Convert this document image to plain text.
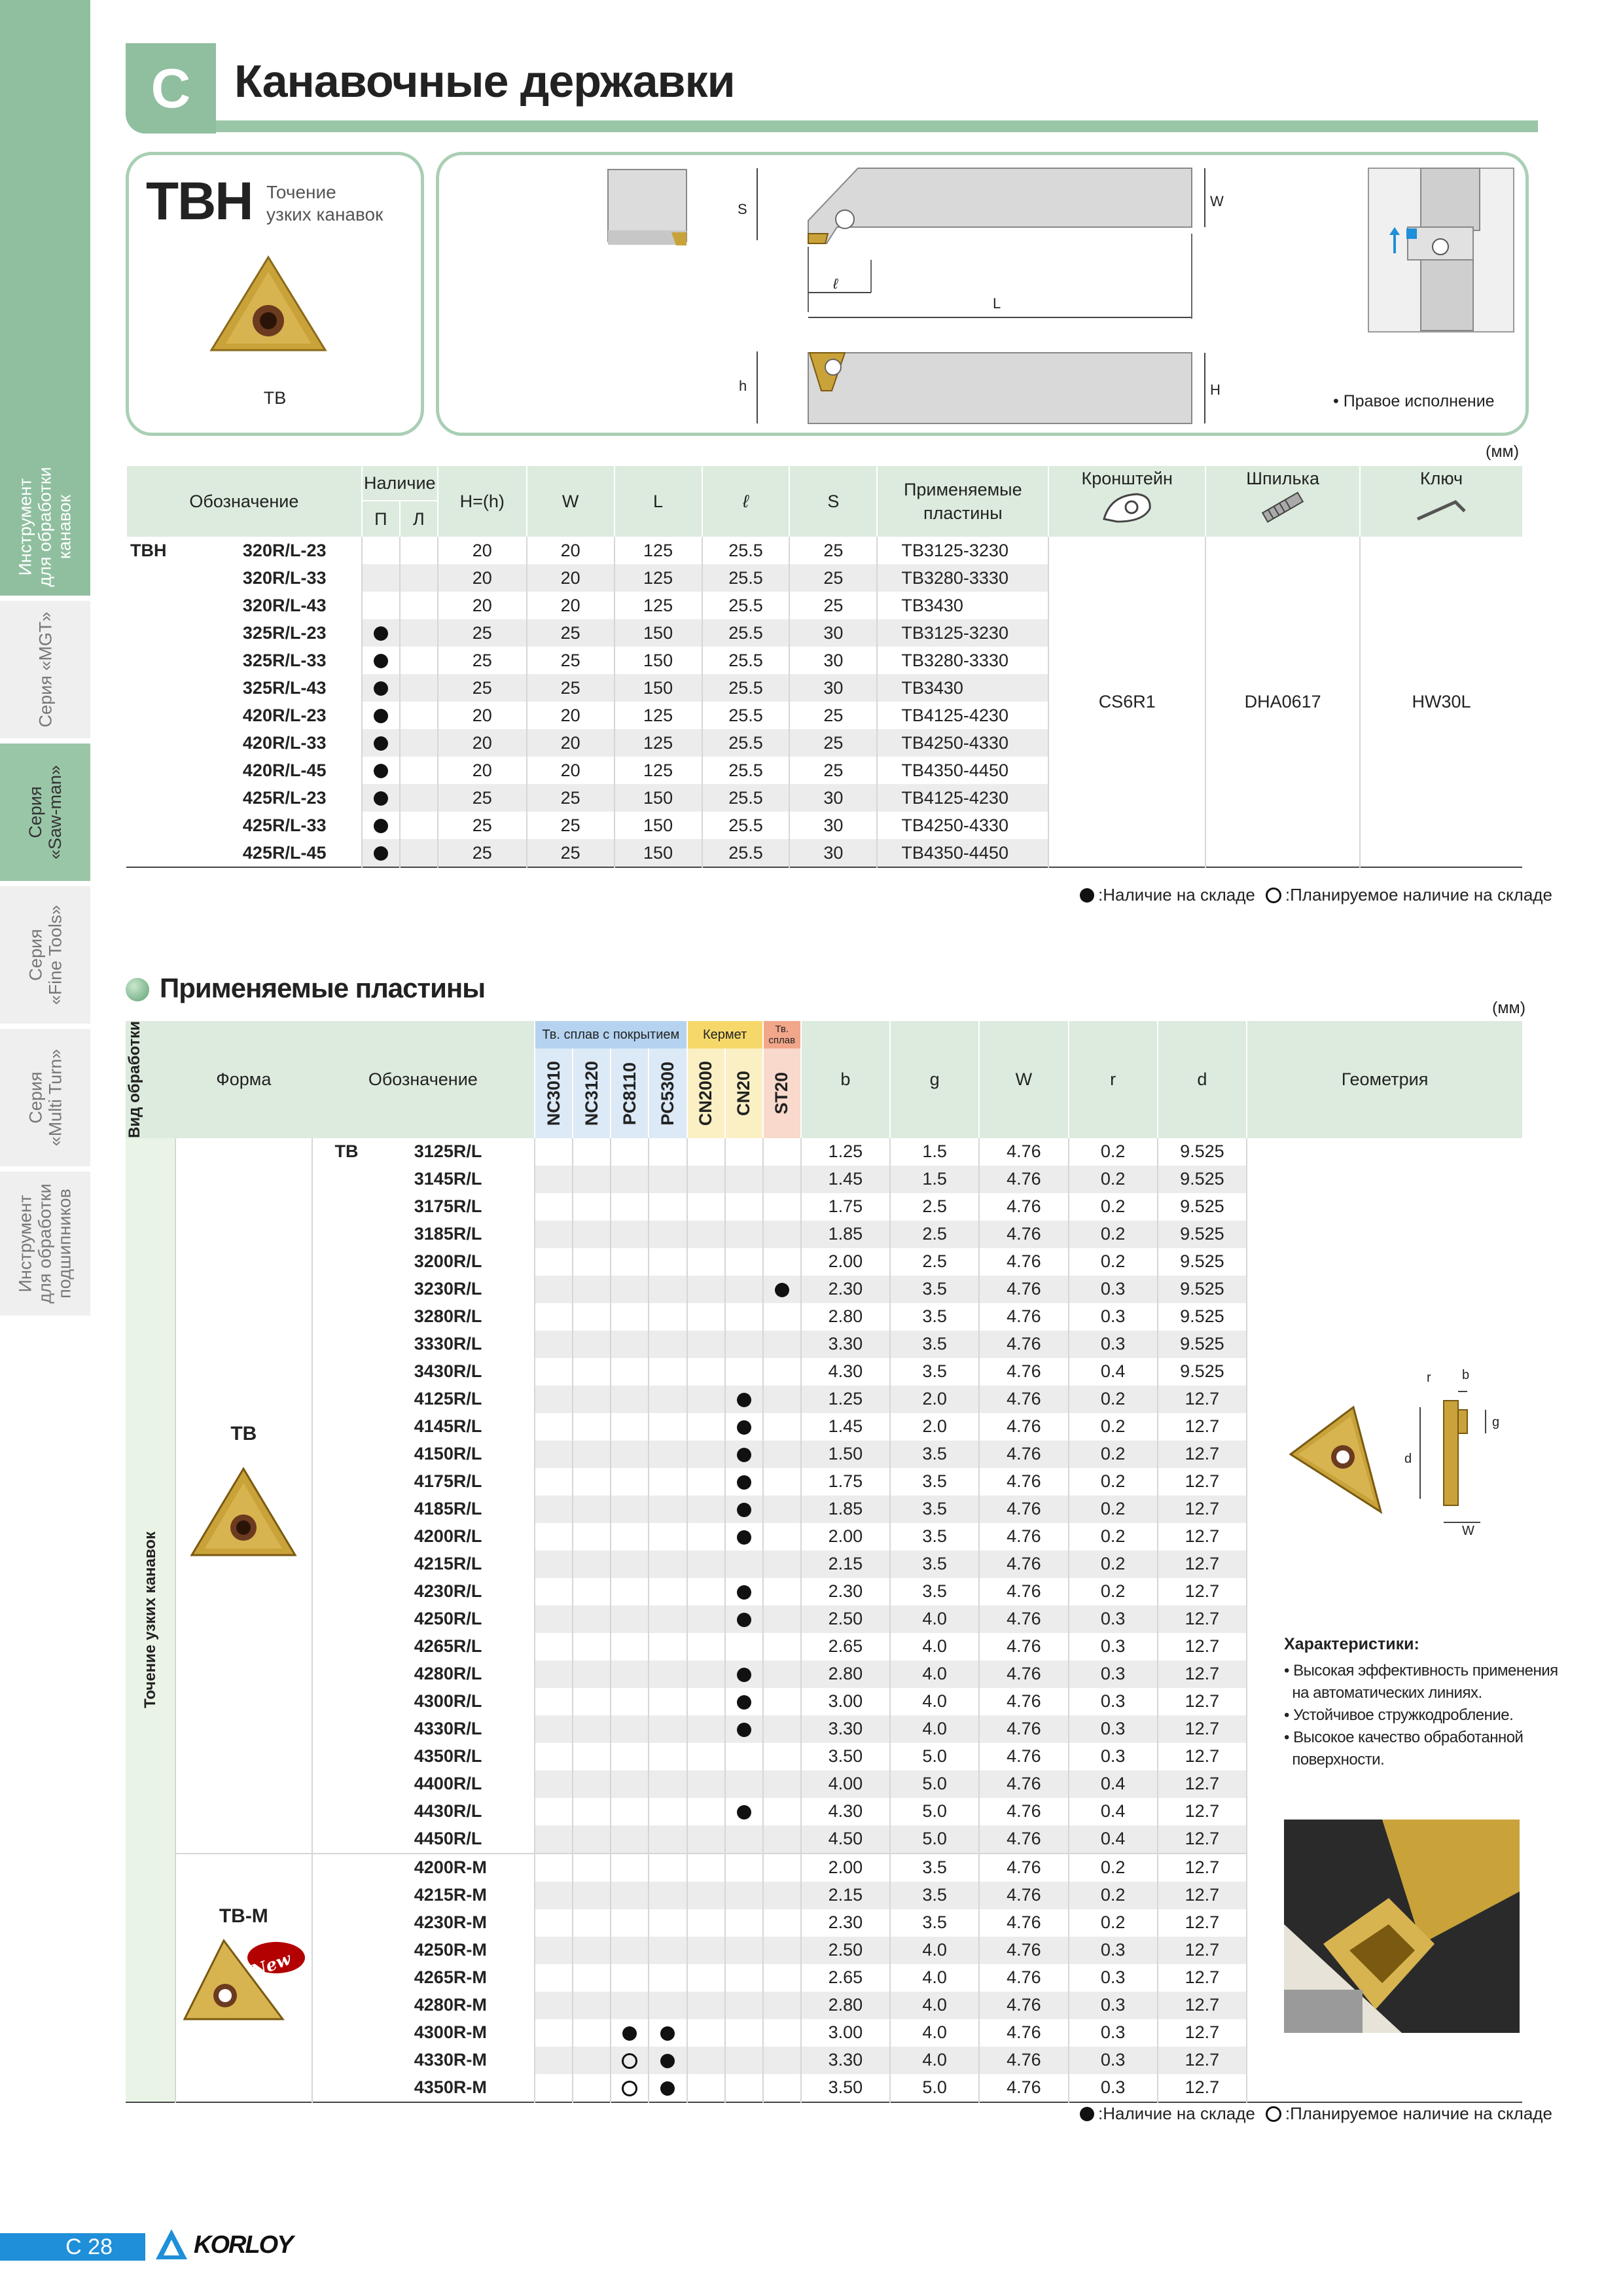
Инструмент для обработки канавок
Серия «MGT»
Серия «Saw-man»
Серия «Fine Tools»
Серия «Multi Turn»
Инструмент для обработки подшипников
C Канавочные державки
TBH Точение
узких канавок
TB
S	W
ℓ
L
h	H
• Правое исполнение
(мм)
Обозначение		Наличие		H=(h)	W	L	ℓ	S	Применяемые
пластины	Кронштейн	Шпилька	Ключ

		П	Л									
TBH	320R/L-23			20	20	125	25.5	25	TB3125-3230	CS6R1	DHA0617	HW30L
	320R/L-33			20	20	125	25.5	25	TB3280-3330			
	320R/L-43			20	20	125	25.5	25	TB3430			
	325R/L-23			25	25	150	25.5	30	TB3125-3230			
	325R/L-33			25	25	150	25.5	30	TB3280-3330			
	325R/L-43			25	25	150	25.5	30	TB3430			
	420R/L-23			20	20	125	25.5	25	TB4125-4230			
	420R/L-33			20	20	125	25.5	25	TB4250-4330			
	420R/L-45			20	20	125	25.5	25	TB4350-4450			
	425R/L-23			25	25	150	25.5	30	TB4125-4230			
	425R/L-33			25	25	150	25.5	30	TB4250-4330			
	425R/L-45			25	25	150	25.5	30	TB4350-4450			
:Наличие на складе :Планируемое наличие на складе
Применяемые пластины
(мм)
Вид обработки	Форма	Обозначение		Тв. сплав с покрытием				Кермет		Тв. сплав	b	g	W	r	d	Геометрия

				NC3010	NC3120	PC8110	PC5300	CN2000	CN20	ST20						

Точение узких канавок	TB	TB	3125R/L								1.25	1.5	4.76	0.2	9.525	
			3145R/L								1.45	1.5	4.76	0.2	9.525	
			3175R/L								1.75	2.5	4.76	0.2	9.525	
			3185R/L								1.85	2.5	4.76	0.2	9.525	
			3200R/L								2.00	2.5	4.76	0.2	9.525	
			3230R/L								2.30	3.5	4.76	0.3	9.525	
			3280R/L								2.80	3.5	4.76	0.3	9.525	
			3330R/L								3.30	3.5	4.76	0.3	9.525	
			3430R/L								4.30	3.5	4.76	0.4	9.525	
			4125R/L								1.25	2.0	4.76	0.2	12.7	
			4145R/L								1.45	2.0	4.76	0.2	12.7	
			4150R/L								1.50	3.5	4.76	0.2	12.7	
			4175R/L								1.75	3.5	4.76	0.2	12.7	
			4185R/L								1.85	3.5	4.76	0.2	12.7	
			4200R/L								2.00	3.5	4.76	0.2	12.7	
			4215R/L								2.15	3.5	4.76	0.2	12.7	
			4230R/L								2.30	3.5	4.76	0.2	12.7	
			4250R/L								2.50	4.0	4.76	0.3	12.7	
			4265R/L								2.65	4.0	4.76	0.3	12.7	
			4280R/L								2.80	4.0	4.76	0.3	12.7	
			4300R/L								3.00	4.0	4.76	0.3	12.7	
			4330R/L								3.30	4.0	4.76	0.3	12.7	
			4350R/L								3.50	5.0	4.76	0.3	12.7	
			4400R/L								4.00	5.0	4.76	0.4	12.7	
			4430R/L								4.30	5.0	4.76	0.4	12.7	
			4450R/L								4.50	5.0	4.76	0.4	12.7	

	TB-M
New		4200R-M								2.00	3.5	4.76	0.2	12.7	
			4215R-M								2.15	3.5	4.76	0.2	12.7	
			4230R-M								2.30	3.5	4.76	0.2	12.7	
			4250R-M								2.50	4.0	4.76	0.3	12.7	
			4265R-M								2.65	4.0	4.76	0.3	12.7	
			4280R-M								2.80	4.0	4.76	0.3	12.7	
			4300R-M								3.00	4.0	4.76	0.3	12.7	
			4330R-M								3.30	4.0	4.76	0.3	12.7	
			4350R-M								3.50	5.0	4.76	0.3	12.7	
r b
g
d
W
Характеристики:
• Высокая эффективность применения
на автоматических линиях.
• Устойчивое стружкодробление.
• Высокое качество обработанной
поверхности.
:Наличие на складе :Планируемое наличие на складе
C 28	KORLOY
